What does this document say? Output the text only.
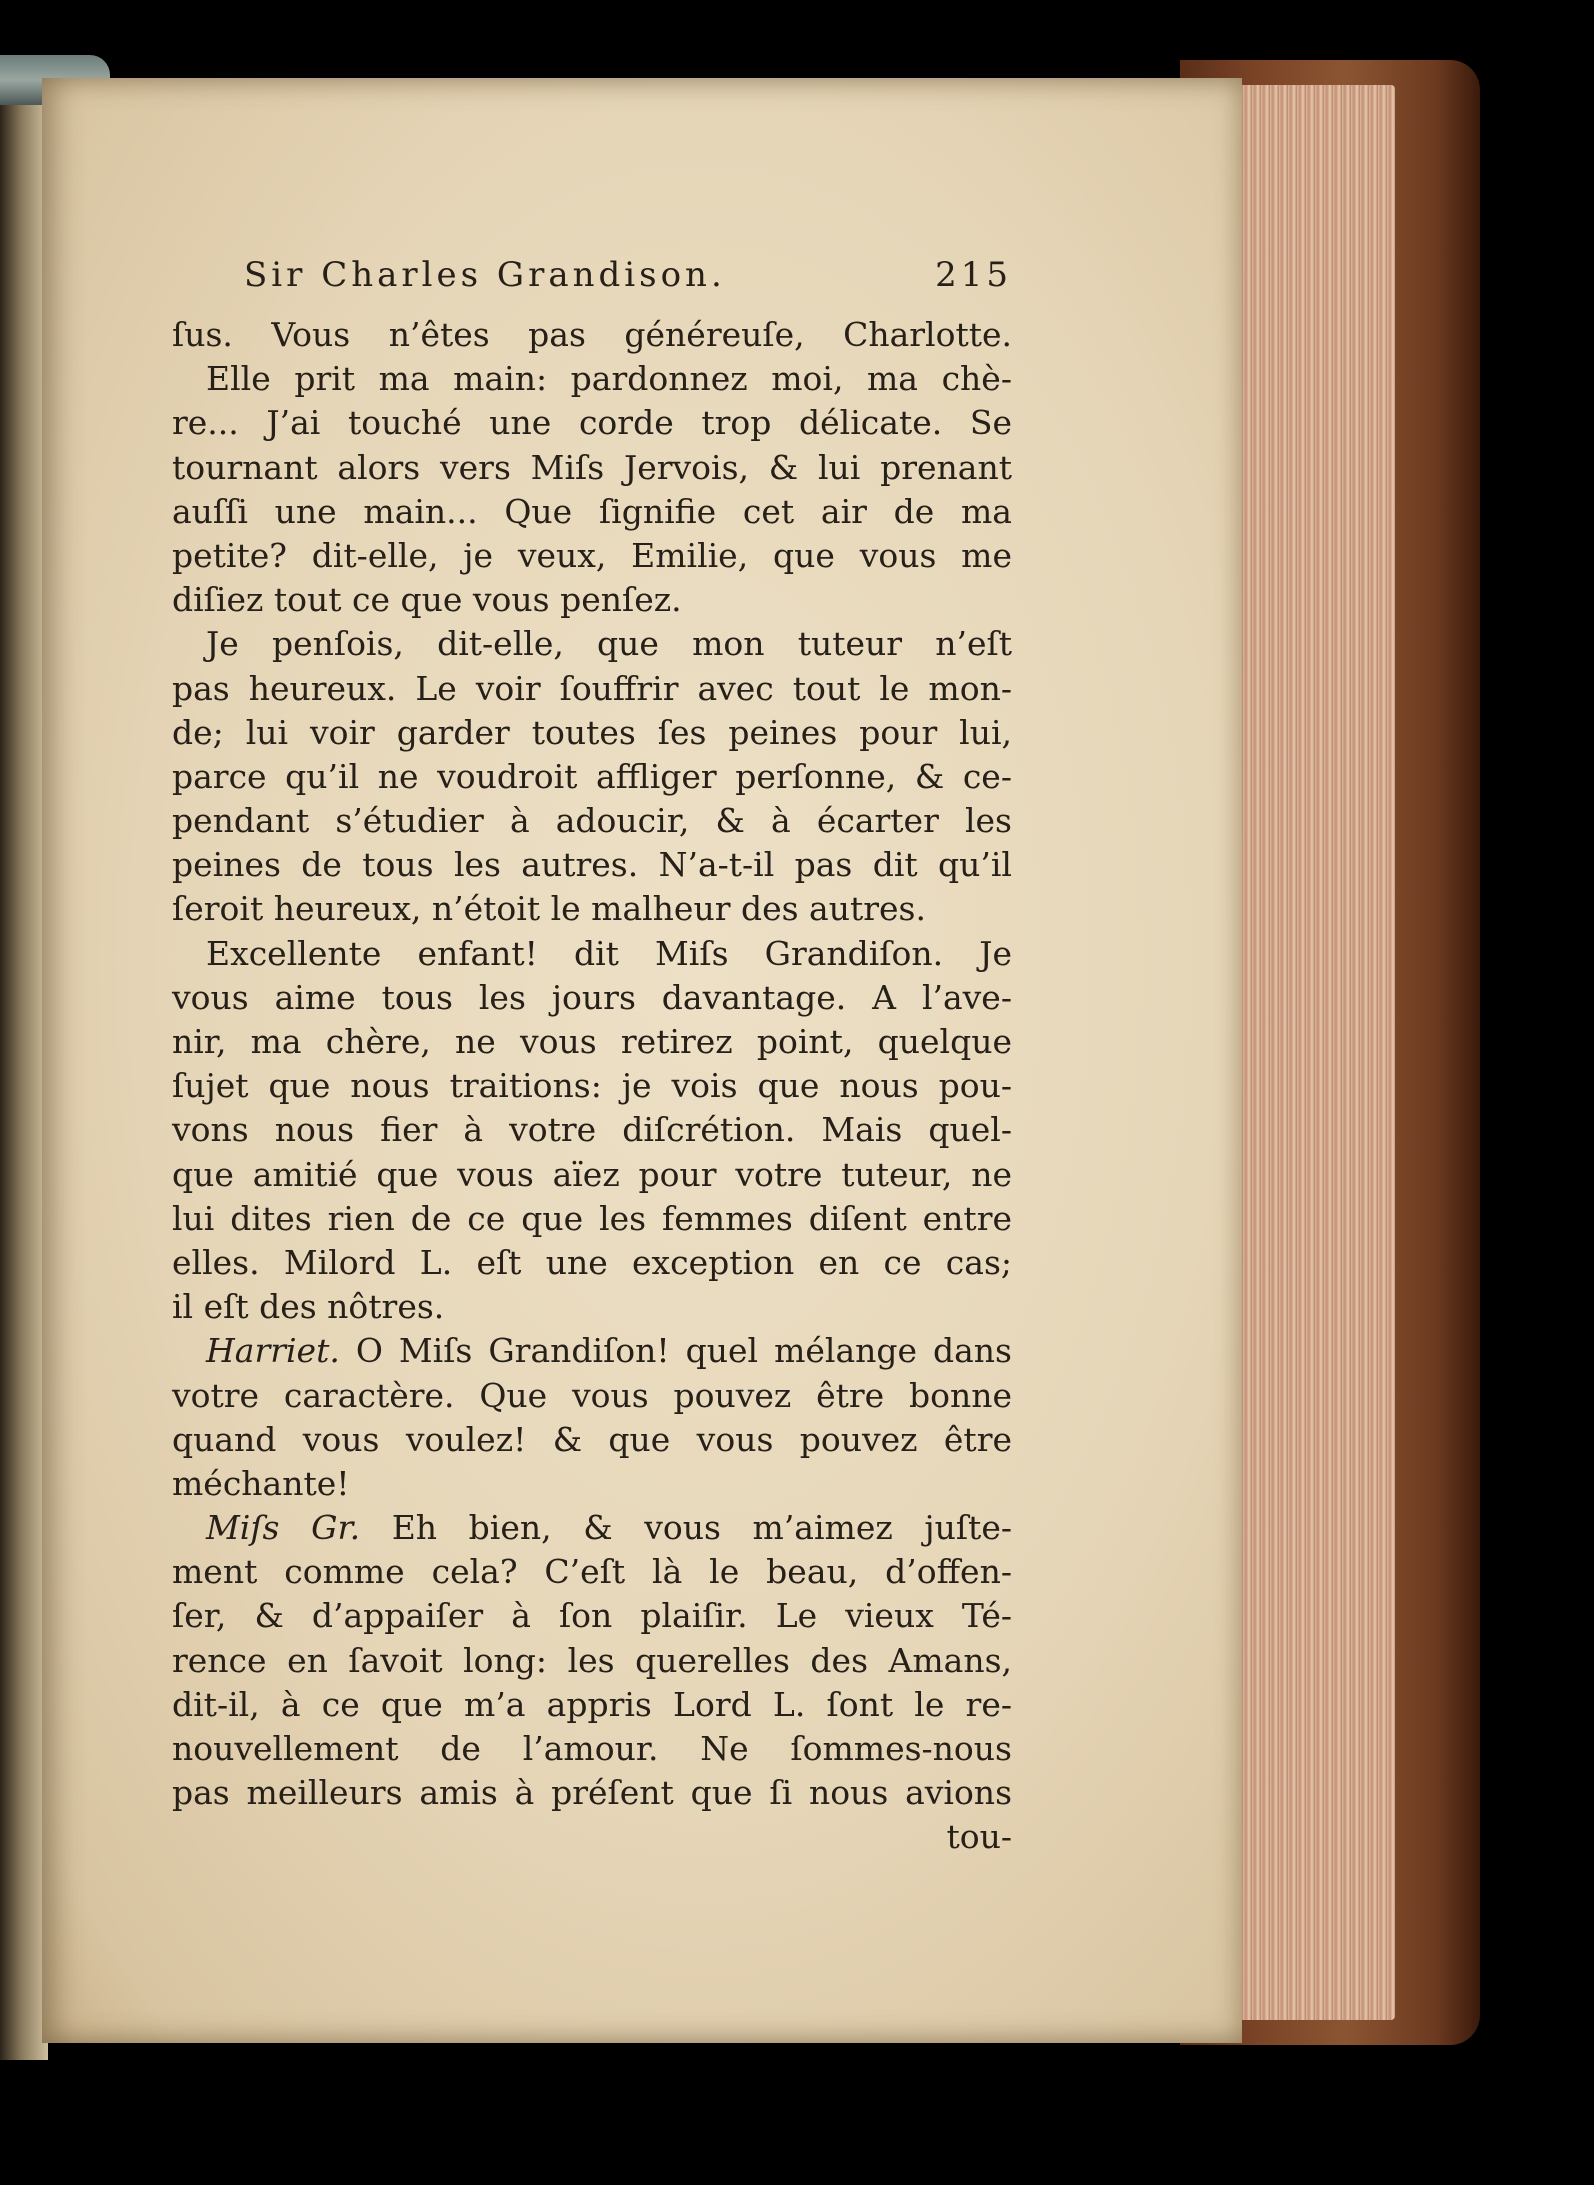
Sir Charles Grandison.	215
ſus. Vous n’êtes pas généreuſe, Charlotte.
Elle prit ma main: pardonnez moi, ma chè-
re... J’ai touché une corde trop délicate. Se
tournant alors vers Miſs Jervois, & lui prenant
auſſi une main... Que ſignifie cet air de ma
petite? dit-elle, je veux, Emilie, que vous me
diſiez tout ce que vous penſez.
Je penſois, dit-elle, que mon tuteur n’eſt
pas heureux. Le voir ſouffrir avec tout le mon-
de; lui voir garder toutes ſes peines pour lui,
parce qu’il ne voudroit affliger perſonne, & ce-
pendant s’étudier à adoucir, & à écarter les
peines de tous les autres. N’a-t-il pas dit qu’il
ſeroit heureux, n’étoit le malheur des autres.
Excellente enfant! dit Miſs Grandiſon. Je
vous aime tous les jours davantage. A l’ave-
nir, ma chère, ne vous retirez point, quelque
ſujet que nous traitions: je vois que nous pou-
vons nous fier à votre diſcrétion. Mais quel-
que amitié que vous aïez pour votre tuteur, ne
lui dites rien de ce que les femmes diſent entre
elles. Milord L. eſt une exception en ce cas;
il eſt des nôtres.
Harriet. O Miſs Grandiſon! quel mélange dans
votre caractère. Que vous pouvez être bonne
quand vous voulez! & que vous pouvez être
méchante!
Miſs Gr. Eh bien, & vous m’aimez juſte-
ment comme cela? C’eſt là le beau, d’offen-
ſer, & d’appaiſer à ſon plaiſir. Le vieux Té-
rence en ſavoit long: les querelles des Amans,
dit-il, à ce que m’a appris Lord L. ſont le re-
nouvellement de l’amour. Ne ſommes-nous
pas meilleurs amis à préſent que ſi nous avions
tou-
